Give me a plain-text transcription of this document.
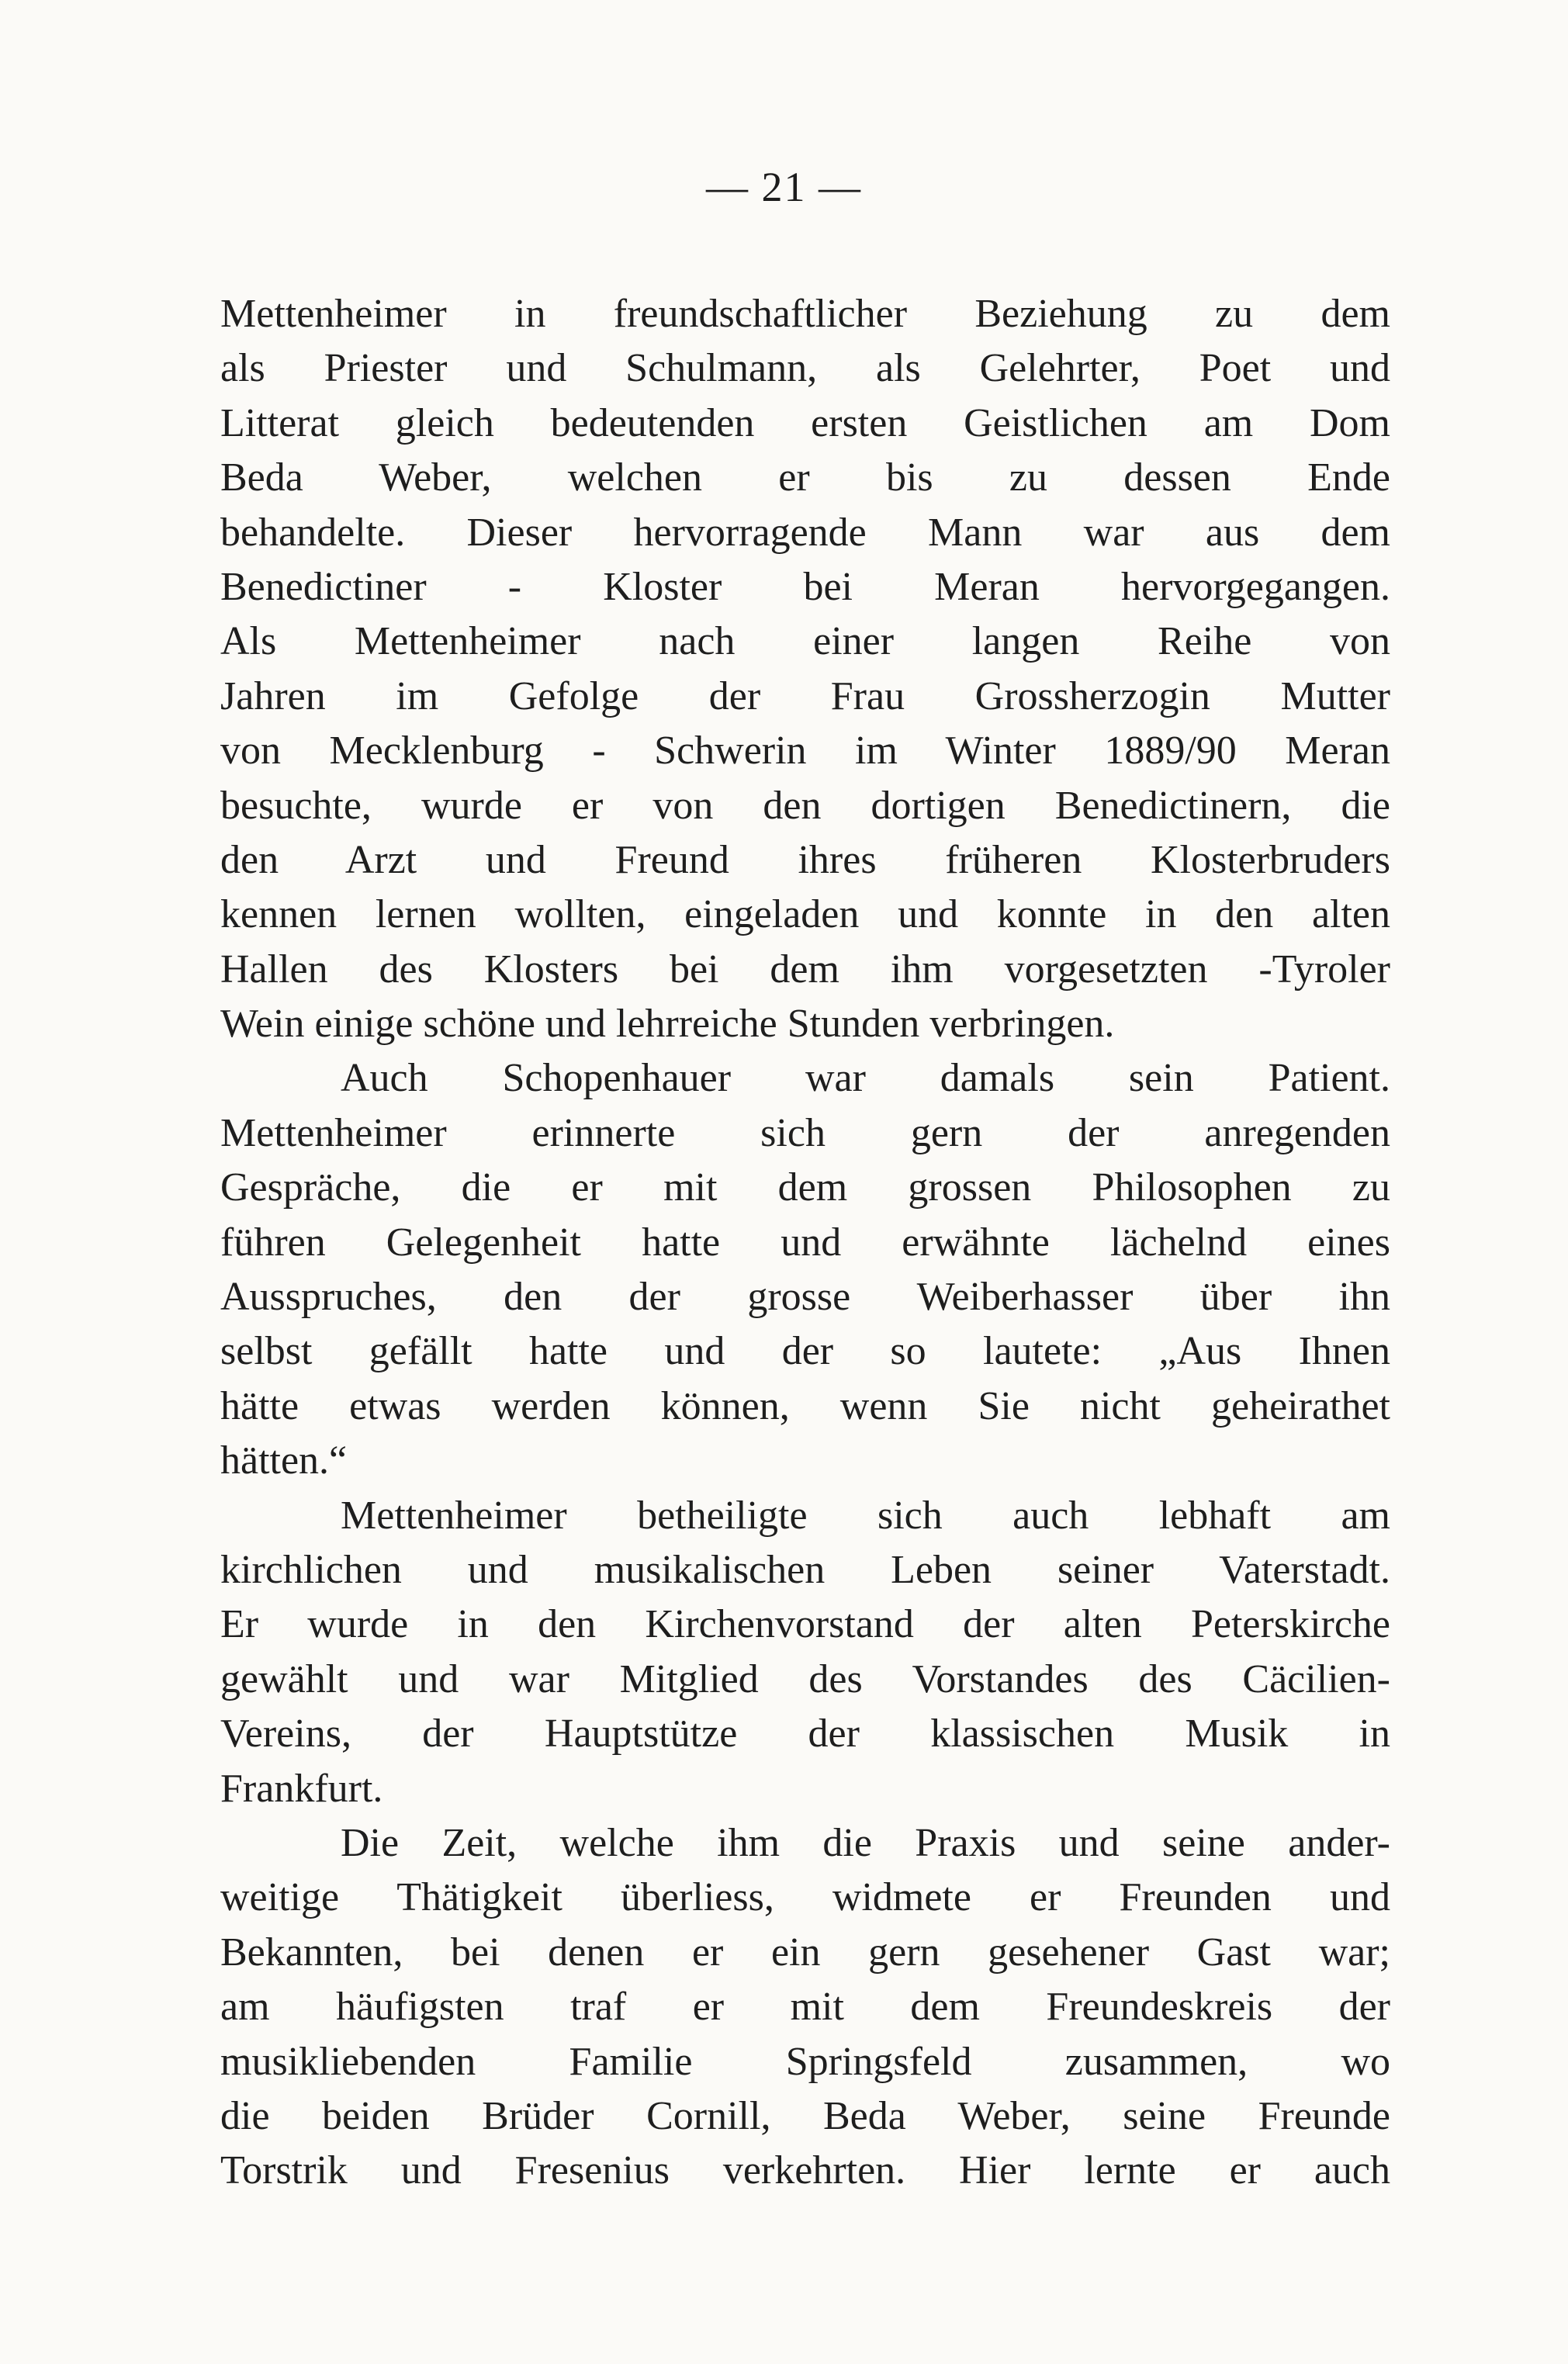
— 21 —
Mettenheimer in freundschaftlicher Beziehung zu dem
als Priester und Schulmann, als Gelehrter, Poet und
Litterat gleich bedeutenden ersten Geistlichen am Dom
Beda Weber, welchen er bis zu dessen Ende
behandelte. Dieser hervorragende Mann war aus dem
Benedictiner - Kloster bei Meran hervorgegangen.
Als Mettenheimer nach einer langen Reihe von
Jahren im Gefolge der Frau Grossherzogin Mutter
von Mecklenburg - Schwerin im Winter 1889/90 Meran
besuchte, wurde er von den dortigen Benedictinern, die
den Arzt und Freund ihres früheren Klosterbruders
kennen lernen wollten, eingeladen und konnte in den alten
Hallen des Klosters bei dem ihm vorgesetzten -Tyroler
Wein einige schöne und lehrreiche Stunden verbringen.
Auch Schopenhauer war damals sein Patient.
Mettenheimer erinnerte sich gern der anregenden
Gespräche, die er mit dem grossen Philosophen zu
führen Gelegenheit hatte und erwähnte lächelnd eines
Ausspruches, den der grosse Weiberhasser über ihn
selbst gefällt hatte und der so lautete: „Aus Ihnen
hätte etwas werden können, wenn Sie nicht geheirathet
hätten.“
Mettenheimer betheiligte sich auch lebhaft am
kirchlichen und musikalischen Leben seiner Vaterstadt.
Er wurde in den Kirchenvorstand der alten Peterskirche
gewählt und war Mitglied des Vorstandes des Cäcilien-
Vereins, der Hauptstütze der klassischen Musik in
Frankfurt.
Die Zeit, welche ihm die Praxis und seine ander-
weitige Thätigkeit überliess, widmete er Freunden und
Bekannten, bei denen er ein gern gesehener Gast war;
am häufigsten traf er mit dem Freundeskreis der
musikliebenden Familie Springsfeld zusammen, wo
die beiden Brüder Cornill, Beda Weber, seine Freunde
Torstrik und Fresenius verkehrten. Hier lernte er auch
